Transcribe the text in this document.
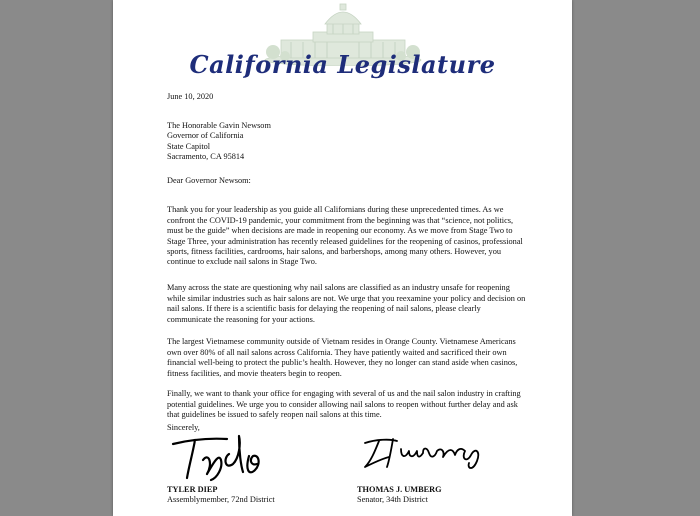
California Legislature
June 10, 2020
The Honorable Gavin Newsom
Governor of California
State Capitol
Sacramento, CA 95814
Dear Governor Newsom:

Thank you for your leadership as you guide all Californians during these unprecedented times. As we confront the COVID-19 pandemic, your commitment from the beginning was that “science, not politics, must be the guide” when decisions are made in reopening our economy. As we move from Stage Two to Stage Three, your administration has recently released guidelines for the reopening of casinos, professional sports, fitness facilities, cardrooms, hair salons, and barbershops, among many others. However, you continue to exclude nail salons in Stage Two.

Many across the state are questioning why nail salons are classified as an industry unsafe for reopening while similar industries such as hair salons are not. We urge that you reexamine your policy and decision on nail salons. If there is a scientific basis for delaying the reopening of nail salons, please clearly communicate the reasoning for your actions.

The largest Vietnamese community outside of Vietnam resides in Orange County. Vietnamese Americans own over 80% of all nail salons across California. They have patiently waited and sacrificed their own financial well-being to protect the public’s health. However, they no longer can stand aside when casinos, fitness facilities, and movie theaters begin to reopen.

Finally, we want to thank your office for engaging with several of us and the nail salon industry in crafting potential guidelines. We urge you to consider allowing nail salons to reopen without further delay and ask that guidelines be issued to safely reopen nail salons at this time.

Sincerely,
TYLER DIEP
Assemblymember, 72nd District
THOMAS J. UMBERG
Senator, 34th District
